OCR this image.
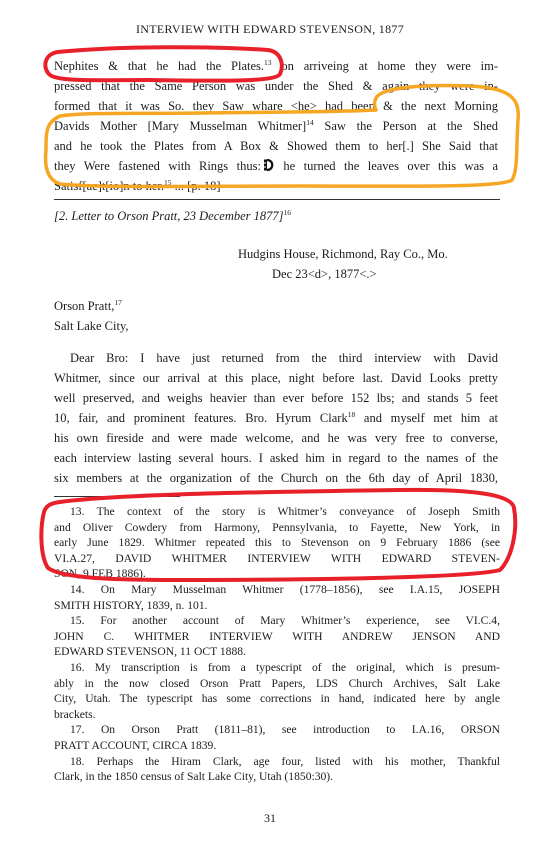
INTERVIEW WITH EDWARD STEVENSON, 1877
Nephites & that he had the Plates.$^{13}$ on arriveing at home they were im-
pressed that the Same Person was under the Shed & again they were in-
formed that it was So. they Saw whare <he> had been & the next Morning
Davids Mother [Mary Musselman Whitmer]$^{14}$ Saw the Person at the Shed
and he took the Plates from A Box & Showed them to her[.] She Said that
they Were fastened with Rings thus: he turned the leaves over this was a
Satisf[ac]t[io]n to her.$^{15}$ ... [p. 18]
[2. Letter to Orson Pratt, 23 December 1877]$^{16}$
Hudgins House, Richmond, Ray Co., Mo.
Dec 23<d>, 1877<.>
Orson Pratt,$^{17}$
Salt Lake City,
Dear Bro: I have just returned from the third interview with David
Whitmer, since our arrival at this place, night before last. David Looks pretty
well preserved, and weighs heavier than ever before 152 lbs; and stands 5 feet
10, fair, and prominent features. Bro. Hyrum Clark$^{18}$ and myself met him at
his own fireside and were made welcome, and he was very free to converse,
each interview lasting several hours. I asked him in regard to the names of the
six members at the organization of the Church on the 6th day of April 1830,
13. The context of the story is Whitmer’s conveyance of Joseph Smith
and Oliver Cowdery from Harmony, Pennsylvania, to Fayette, New York, in
early June 1829. Whitmer repeated this to Stevenson on 9 February 1886 (see
VI.A.27, DAVID WHITMER INTERVIEW WITH EDWARD STEVEN-
SON, 9 FEB 1886).
14. On Mary Musselman Whitmer (1778–1856), see I.A.15, JOSEPH
SMITH HISTORY, 1839, n. 101.
15. For another account of Mary Whitmer’s experience, see VI.C.4,
JOHN C. WHITMER INTERVIEW WITH ANDREW JENSON AND
EDWARD STEVENSON, 11 OCT 1888.
16. My transcription is from a typescript of the original, which is presum-
ably in the now closed Orson Pratt Papers, LDS Church Archives, Salt Lake
City, Utah. The typescript has some corrections in hand, indicated here by angle
brackets.
17. On Orson Pratt (1811–81), see introduction to I.A.16, ORSON
PRATT ACCOUNT, CIRCA 1839.
18. Perhaps the Hiram Clark, age four, listed with his mother, Thankful
Clark, in the 1850 census of Salt Lake City, Utah (1850:30).
31
